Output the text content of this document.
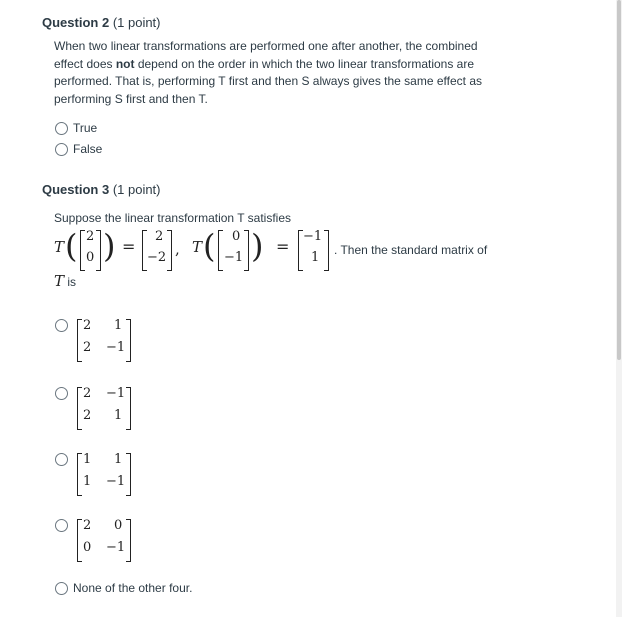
Question 2 (1 point)
When two linear transformations are performed one after another, the combined effect does not depend on the order in which the two linear transformations are performed. That is, performing T first and then S always gives the same effect as performing S first and then T.
True
False
Question 3 (1 point)
Suppose the linear transformation T satisfies
T ( 2
0 ) =
2
−2 , T ( 0
−1 ) =
−1
1 . Then the standard matrix of
T is
2 1
2 −1
2 −1
2 1
1 1
1 −1
2 0
0 −1
None of the other four.
